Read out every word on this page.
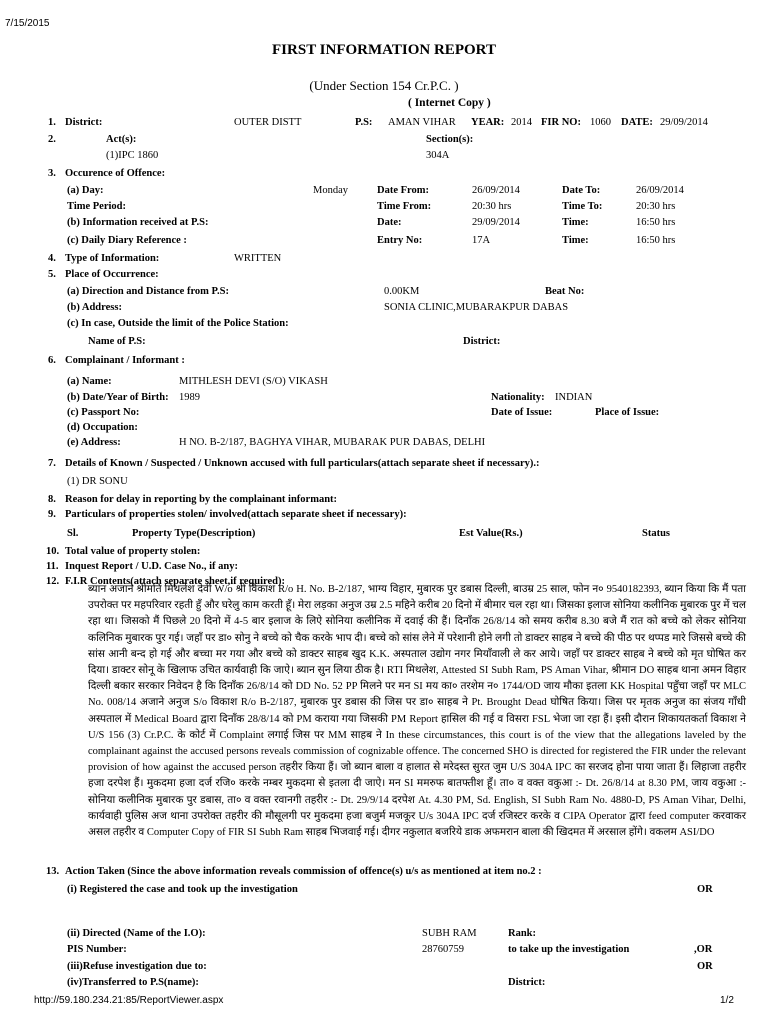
7/15/2015
FIRST INFORMATION REPORT
(Under Section 154 Cr.P.C. )
( Internet Copy )
1. District:	OUTER DISTT	P.S: AMAN VIHAR YEAR: 2014 FIR NO: 1060 DATE: 29/09/2014
2.	Act(s):	Section(s):
(1)IPC 1860	304A
3. Occurence of Offence:
(a) Day:	Monday	Date From:	26/09/2014	Date To:	26/09/2014
Time Period:	Time From:	20:30 hrs	Time To:	20:30 hrs
(b) Information received at P.S:	Date:	29/09/2014	Time:	16:50 hrs
(c) Daily Diary Reference :	Entry No:	17A	Time:	16:50 hrs
4. Type of Information:	WRITTEN
5. Place of Occurrence:
(a) Direction and Distance from P.S:	0.00KM	Beat No:
(b) Address:	SONIA CLINIC,MUBARAKPUR DABAS
(c) In case, Outside the limit of the Police Station:
Name of P.S:	District:
6. Complainant / Informant :
(a) Name:	MITHLESH DEVI (S/O) VIKASH
(b) Date/Year of Birth: 1989	Nationality: INDIAN
(c) Passport No:	Date of Issue:	Place of Issue:
(d) Occupation:
(e) Address:	H NO. B-2/187, BAGHYA VIHAR, MUBARAK PUR DABAS, DELHI
7. Details of Known / Suspected / Unknown accused with full particulars(attach separate sheet if necessary).:
(1) DR SONU
8. Reason for delay in reporting by the complainant informant:
9. Particulars of properties stolen/ involved(attach separate sheet if necessary):
Sl.	Property Type(Description)	Est Value(Rs.)	Status
10. Total value of property stolen:
11. Inquest Report / U.D. Case No., if any:
12. F.I.R Contents(attach separate sheet,if required):
ब्यान अजाने श्रीमति मिथलेश देवी W/o श्री विकाश R/o H. No. B-2/187, भाग्य विहार, मुबारक पुर डबास दिल्ली, बाउम्र 25 साल, फोन न० 9540182393, ब्यान किया कि मैं पता उपरोक्त पर महपरिवार रहती हुँ और घरेलु काम करती हूँ। मेरा लड़का अनुज उम्र 2.5 महिने करीब 20 दिनो में बीमार चल रहा था। जिसका इलाज सोनिया कलीनिक मुबारक पुर में चल रहा था। जिसको मैं पिछले 20 दिनो में 4-5 बार इलाज के लिऐ सोनिया कलीनिक में दवाई की हैं। दिनाँक 26/8/14 को समय करीब 8.30 बजे मैं रात को बच्चे को लेकर सोनिया कलिनिक मुबारक पुर गई। जहाँ पर डा० सोनु ने बच्चे को चैक करके भाप दी। बच्चे को सांस लेने में परेशानी होने लगी तो डाक्टर साहब ने बच्चे की पीठ पर थप्पड मारे जिससे बच्चे की सांस आनी बन्द हो गई और बच्चा मर गया और बच्चे को डाक्टर साहब खुद K.K. अस्पताल उद्योग नगर मियाँवाली ले कर आये। जहाँ पर डाक्टर साहब ने बच्चे को मृत घोषित कर दिया। डाक्टर सोनू के खिलाफ उचित कार्यवाही कि जाऐ। ब्यान सुन लिया ठीक है। RTI मिथलेश, Attested SI Subh Ram, PS Aman Vihar, श्रीमान DO साहब थाना अमन विहार दिल्ली बकार सरकार निवेदन है कि दिनाँक 26/8/14 को DD No. 52 PP मिलने पर मन SI मय का० तरशेम न० 1744/OD जाय मौका इतला KK Hospital पहुँचा जहाँ पर MLC No. 008/14 अजाने अनुज S/o विकाश R/o B-2/187, मुबारक पुर डबास की जिस पर डा० साहब ने Pt. Brought Dead घोषित किया। जिस पर मृतक अनुज का संजय गाँधी अस्पताल में Medical Board द्वारा दिनाँक 28/8/14 को PM कराया गया जिसकी PM Report हासिल की गई व विसरा FSL भेजा जा रहा हैं। इसी दौरान शिकायतकर्ता विकाश ने U/S 156 (3) Cr.P.C. के कोर्ट में Complaint लगाई जिस पर MM साहब ने In these circumstances, this court is of the view that the allegations laveled by the complainant against the accused persons reveals commission of cognizable offence. The concerned SHO is directed for registered the FIR under the relevant provision of how against the accused person तहरीर किया हैं। जो ब्यान बाला व हालात से मरेदस्त सुरत जुम U/S 304A IPC का सरजद होना पाया जाता हैं। लिहाजा तहरीर हजा दरपेश हैं। मुकदमा हजा दर्ज रजि० करके नम्बर मुकदमा से इतला दी जाऐ। मन SI ममरुफ बातफ्तीश हूँ। ता० व वक्त वकुआ :- Dt. 26/8/14 at 8.30 PM, जाय वकुआ :- सोनिया कलीनिक मुबारक पुर डबास, ता० व वक्त रवानगी तहरीर :- Dt. 29/9/14 दरपेश At. 4.30 PM, Sd. English, SI Subh Ram No. 4880-D, PS Aman Vihar, Delhi, कार्यवाही पुलिस अज थाना उपरोक्त तहरीर की मौसूलगी पर मुकदमा हजा बजुर्म मजकूर U/s 304A IPC दर्ज रजिस्टर करके व CIPA Operator द्वारा feed computer करवाकर असल तहरीर व Computer Copy of FIR SI Subh Ram साहब भिजवाई गई। दीगर नकुलात बजरिये डाक अफमरान बाला की खिदमत में अरसाल होंगे। वकलम ASI/DO
13. Action Taken (Since the above information reveals commission of offence(s) u/s as mentioned at item no.2 :
(i) Registered the case and took up the investigation	OR
(ii) Directed (Name of the I.O):	SUBH RAM	Rank:
PIS Number:	28760759	to take up the investigation	,OR
(iii)Refuse investigation due to:	OR
(iv)Transferred to P.S(name):	District:
http://59.180.234.21:85/ReportViewer.aspx	1/2
